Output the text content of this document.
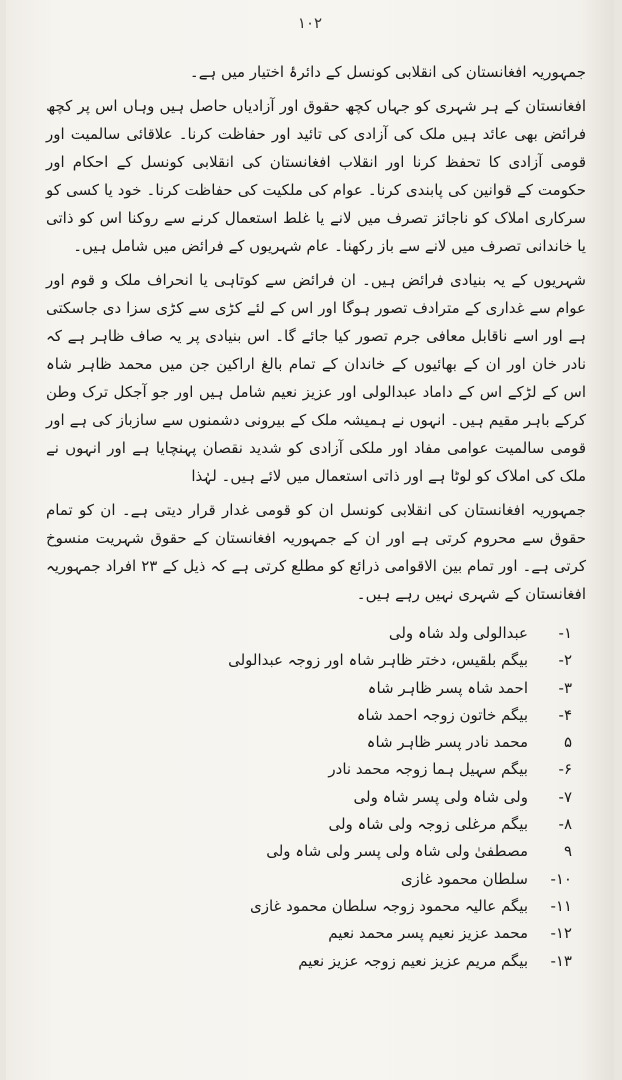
۱۰۲

جمہوریہ افغانستان کی انقلابی کونسل کے دائرۂ اختیار میں ہے۔

افغانستان کے ہر شہری کو جہاں کچھ حقوق اور آزادیاں حاصل ہیں وہاں اس پر کچھ فرائض بھی عائد ہیں ملک کی آزادی کی تائید اور حفاظت کرنا۔ علاقائی سالمیت اور قومی آزادی کا تحفظ کرنا اور انقلاب افغانستان کی انقلابی کونسل کے احکام اور حکومت کے قوانین کی پابندی کرنا۔ عوام کی ملکیت کی حفاظت کرنا۔ خود یا کسی کو سرکاری املاک کو ناجائز تصرف میں لانے یا غلط استعمال کرنے سے روکنا اس کو ذاتی یا خاندانی تصرف میں لانے سے باز رکھنا۔ عام شہریوں کے فرائض میں شامل ہیں۔

شہریوں کے یہ بنیادی فرائض ہیں۔ ان فرائض سے کوتاہی یا انحراف ملک و قوم اور عوام سے غداری کے مترادف تصور ہوگا اور اس کے لئے کڑی سے کڑی سزا دی جاسکتی ہے اور اسے ناقابل معافی جرم تصور کیا جائے گا۔ اس بنیادی پر یہ صاف ظاہر ہے کہ نادر خان اور ان کے بھائیوں کے خاندان کے تمام بالغ اراکین جن میں محمد ظاہر شاہ اس کے لڑکے اس کے داماد عبدالولی اور عزیز نعیم شامل ہیں اور جو آجکل ترک وطن کرکے باہر مقیم ہیں۔ انہوں نے ہمیشہ ملک کے بیرونی دشمنوں سے سازباز کی ہے اور قومی سالمیت عوامی مفاد اور ملکی آزادی کو شدید نقصان پہنچایا ہے اور انہوں نے ملک کی املاک کو لوٹا ہے اور ذاتی استعمال میں لائے ہیں۔ لہٰذا

جمہوریہ افغانستان کی انقلابی کونسل ان کو قومی غدار قرار دیتی ہے۔ ان کو تمام حقوق سے محروم کرتی ہے اور ان کے جمہوریہ افغانستان کے حقوق شہریت منسوخ کرتی ہے۔ اور تمام بین الاقوامی ذرائع کو مطلع کرتی ہے کہ ذیل کے ۲۳ افراد جمہوریہ افغانستان کے شہری نہیں رہے ہیں۔

۱-
عبدالولی ولد شاہ ولی
۲-
بیگم بلقیس، دختر ظاہر شاہ اور زوجہ عبدالولی
۳-
احمد شاہ پسر ظاہر شاہ
۴-
بیگم خاتون زوجہ احمد شاہ
۵
محمد نادر پسر ظاہر شاہ
۶-
بیگم سہیل ہما زوجہ محمد نادر
۷-
ولی شاہ ولی پسر شاہ ولی
۸-
بیگم مرغلی زوجہ ولی شاہ ولی
۹
مصطفیٰ ولی شاہ ولی پسر ولی شاہ ولی
۱۰-
سلطان محمود غازی
۱۱-
بیگم عالیہ محمود زوجہ سلطان محمود غازی
۱۲-
محمد عزیز نعیم پسر محمد نعیم
۱۳-
بیگم مریم عزیز نعیم زوجہ عزیز نعیم
